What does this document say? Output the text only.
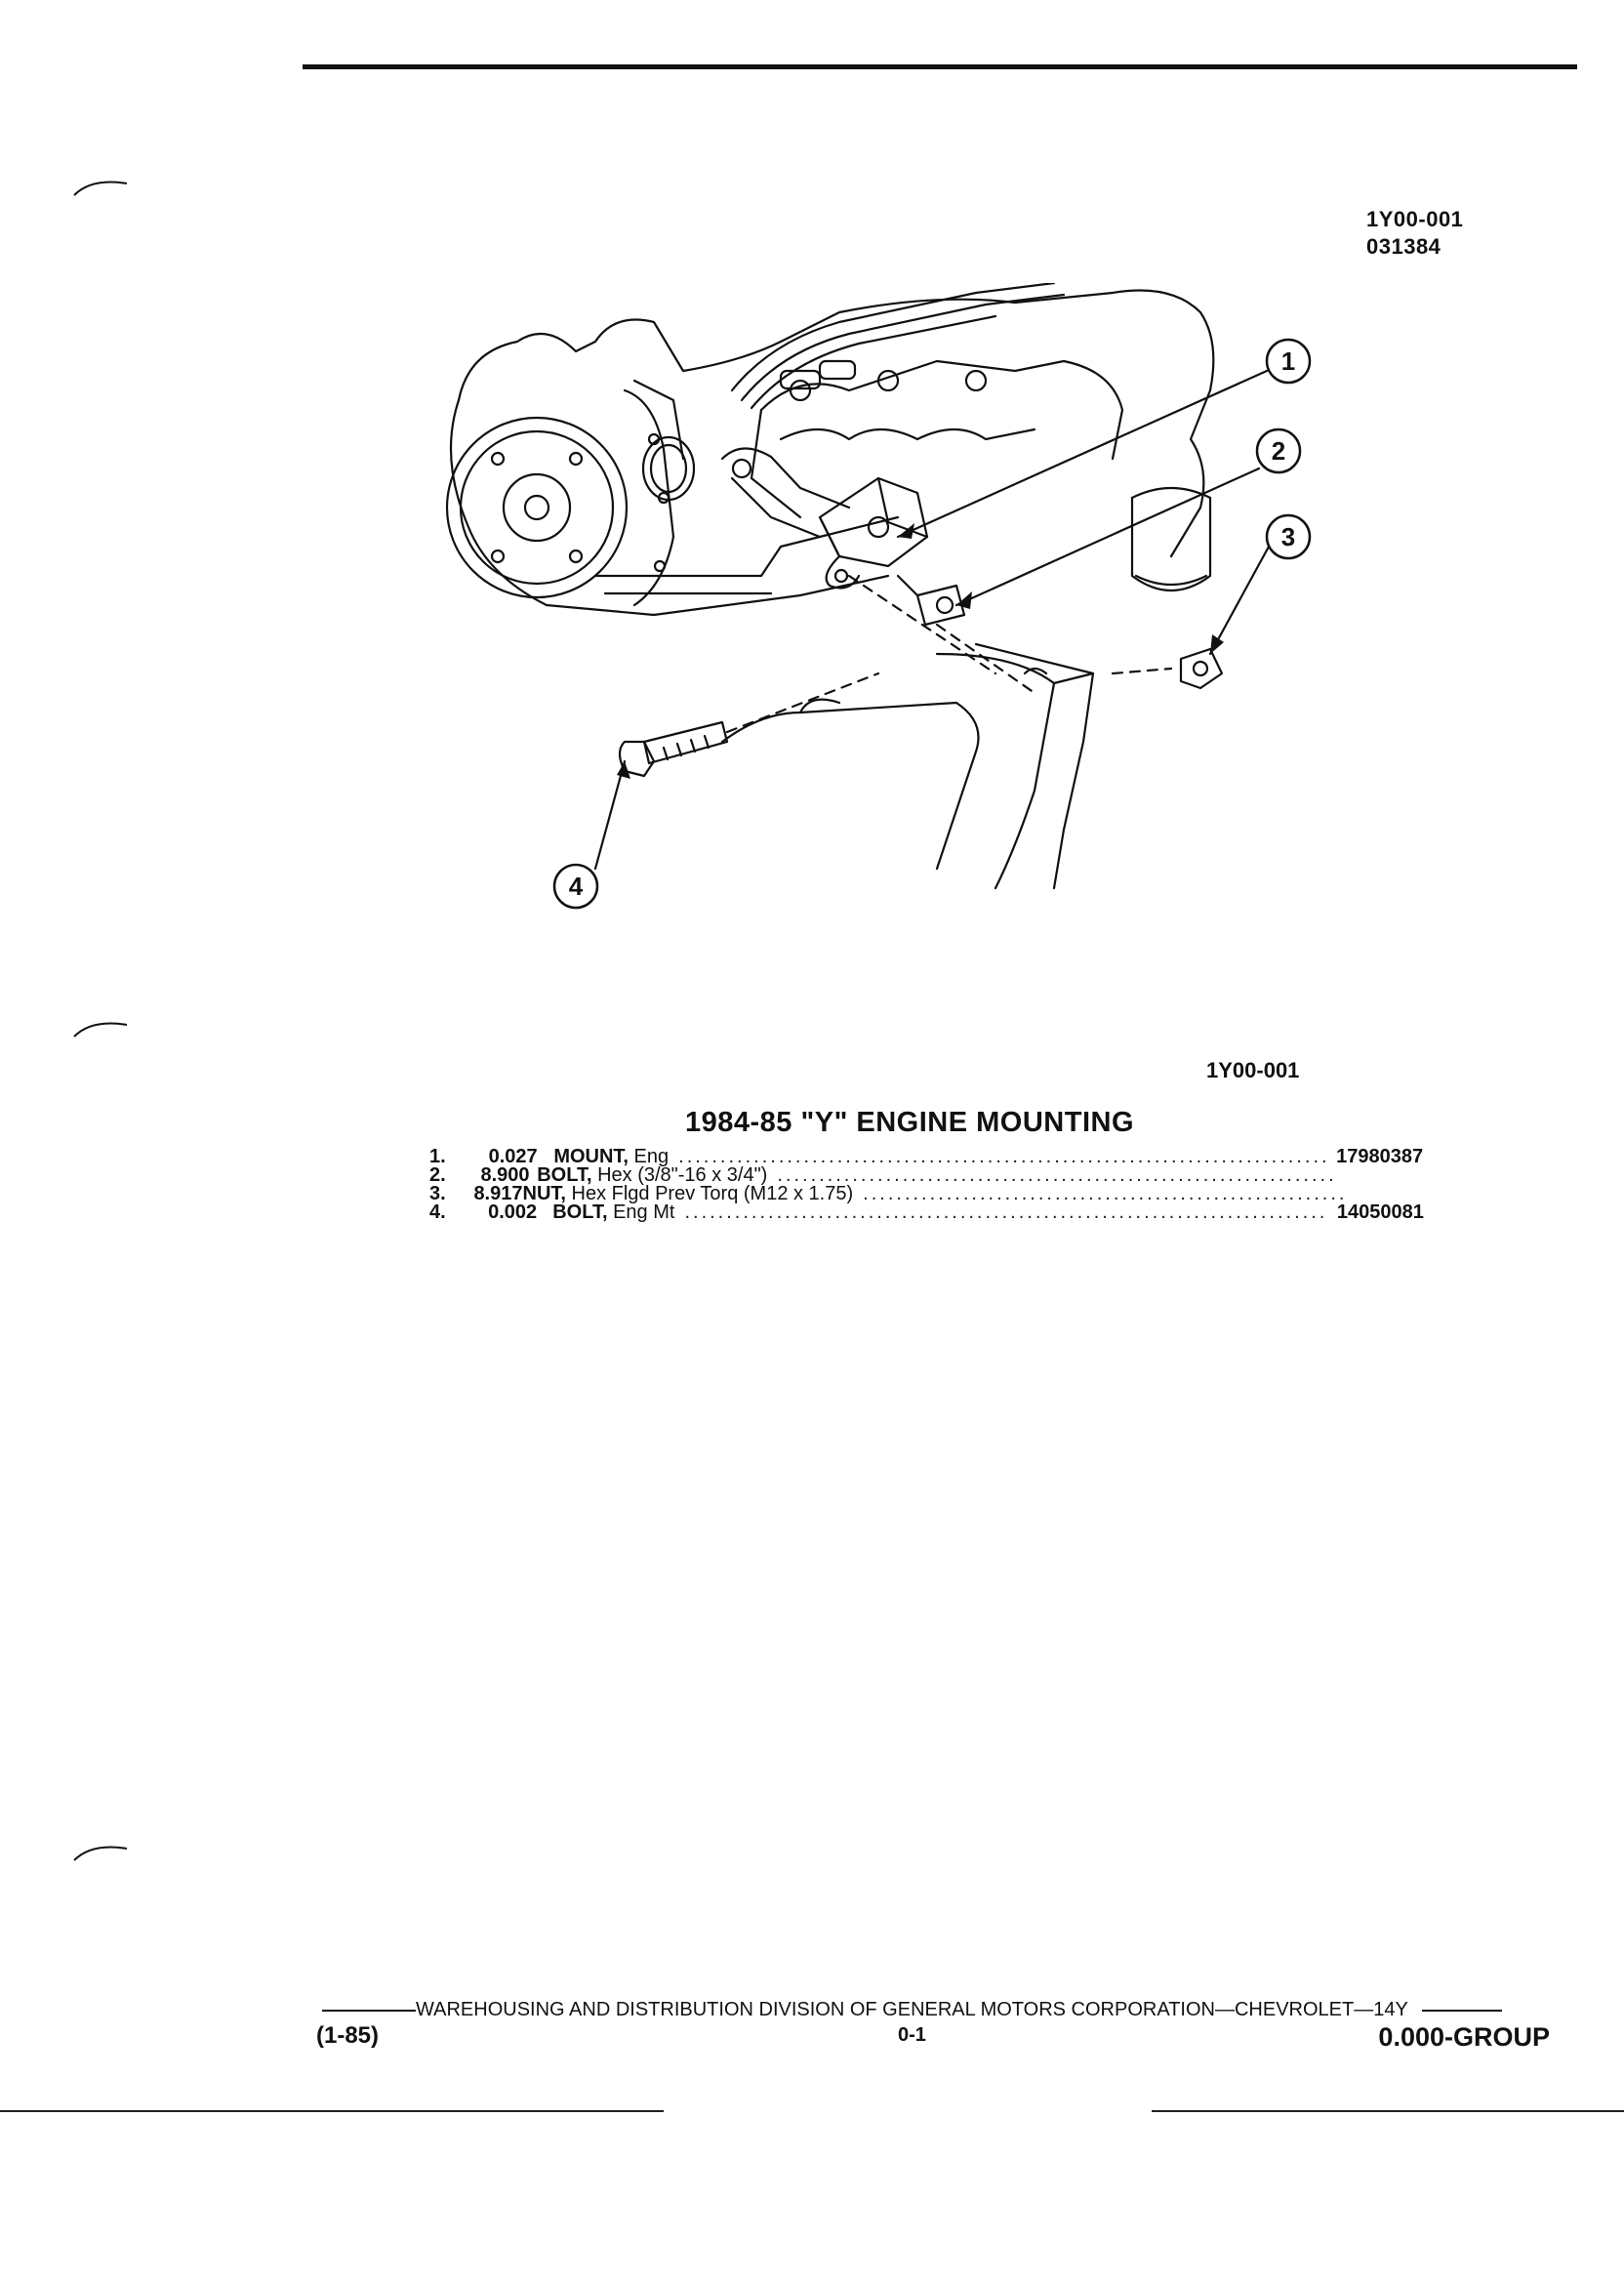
1Y00-001
031384
1
2
3
4
1Y00-001
1984-85 "Y" ENGINE MOUNTING
1.	0.027 MOUNT, Eng .....	17980387
2.	8.900 BOLT, Hex (3/8"-16 x 3/4")
.....
3.	8.917 NUT, Hex Flgd Prev Torq (M12 x 1.75)
.....
4.	0.002 BOLT, Eng Mt .....	14050081
WAREHOUSING AND DISTRIBUTION DIVISION OF GENERAL MOTORS CORPORATION—CHEVROLET—14Y
(1-85)	0-1	0.000-GROUP
